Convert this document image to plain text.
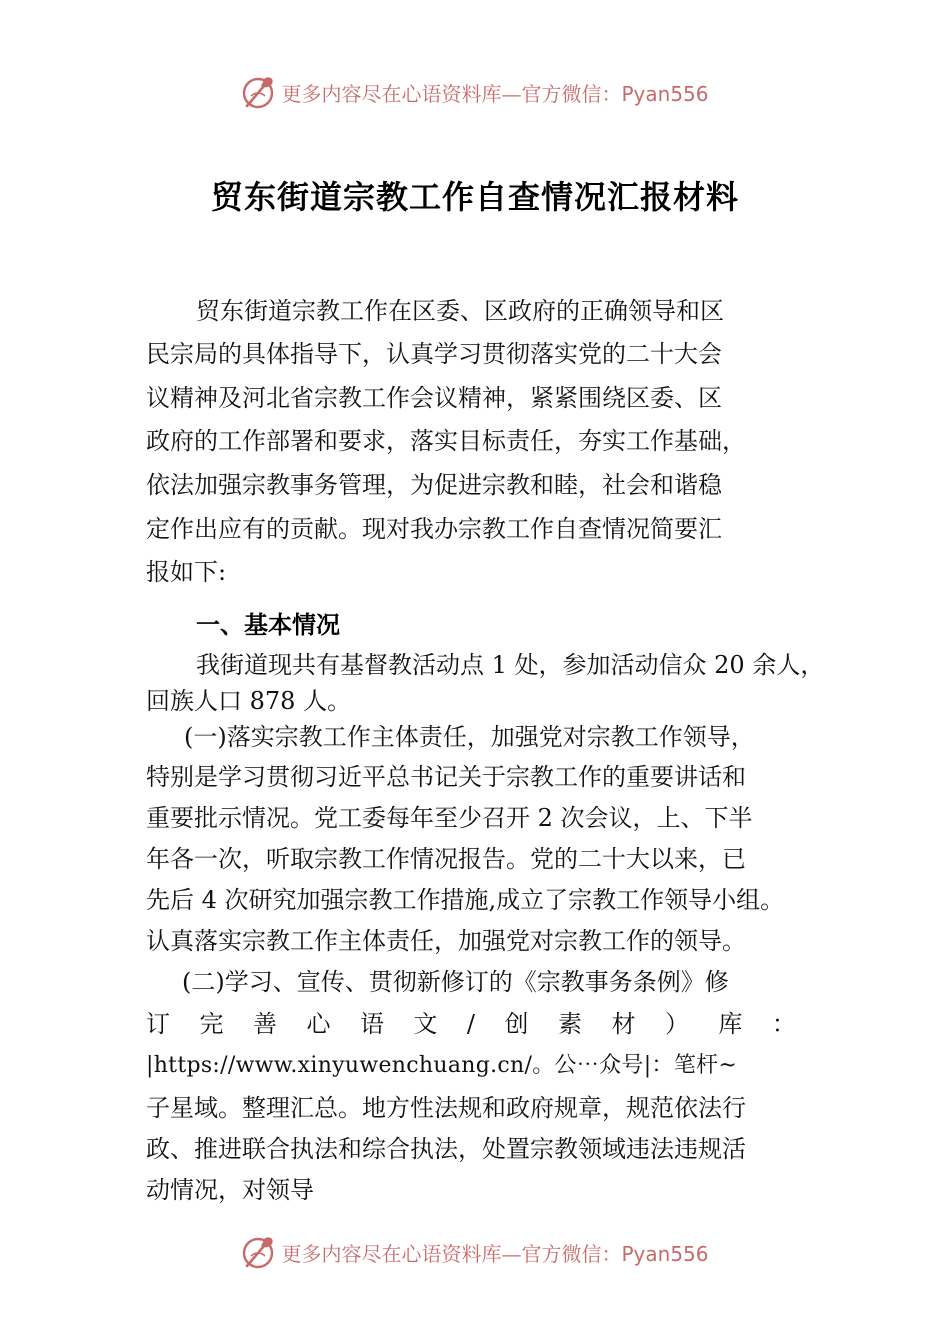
更多内容尽在心语资料库—官方微信：Pyan556
贸东街道宗教工作自查情况汇报材料
贸东街道宗教工作在区委、区政府的正确领导和区
民宗局的具体指导下，认真学习贯彻落实党的二十大会
议精神及河北省宗教工作会议精神，紧紧围绕区委、区
政府的工作部署和要求，落实目标责任，夯实工作基础，
依法加强宗教事务管理，为促进宗教和睦，社会和谐稳
定作出应有的贡献。现对我办宗教工作自查情况简要汇
报如下:
一、基本情况
我街道现共有基督教活动点 1 处，参加活动信众 20 余人，
回族人口 878 人。
(一)落实宗教工作主体责任，加强党对宗教工作领导，
特别是学习贯彻习近平总书记关于宗教工作的重要讲话和
重要批示情况。党工委每年至少召开 2 次会议，上、下半
年各一次，听取宗教工作情况报告。党的二十大以来，已
先后 4 次研究加强宗教工作措施,成立了宗教工作领导小组。
认真落实宗教工作主体责任，加强党对宗教工作的领导。
(二)学习、宣传、贯彻新修订的《宗教事务条例》修
订 完 善 心 语 文 / 创 素 材 ） 库 ：
|https://www.xinyuwenchuang.cn/。公⋯众号|：笔杆~
子星域。整理汇总。地方性法规和政府规章，规范依法行
政、推进联合执法和综合执法，处置宗教领域违法违规活
动情况，对领导
更多内容尽在心语资料库—官方微信：Pyan556
